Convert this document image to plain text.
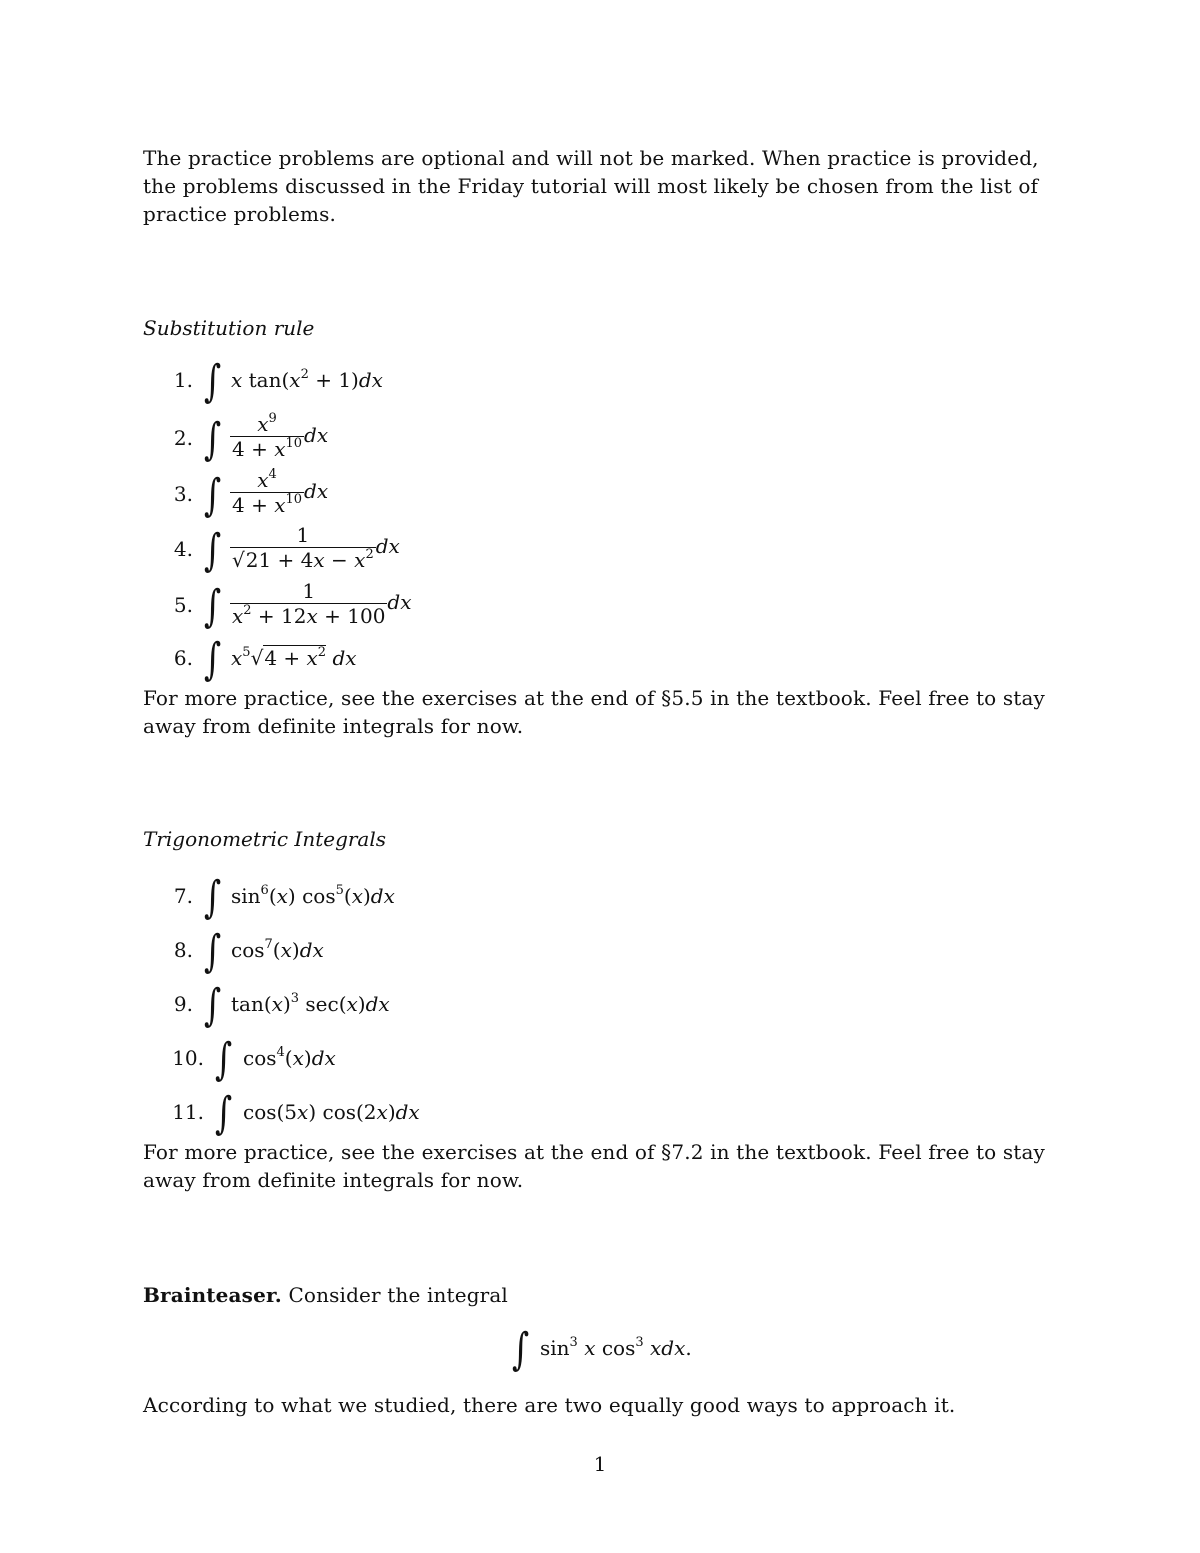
The practice problems are optional and will not be marked. When practice is provided, the problems discussed in the Friday tutorial will most likely be chosen from the list of practice problems.
Substitution rule
1. ∫ x $\tan(x^2 + 1)dx$
2. ∫ $\frac{x^9}{4 + x^{10}}$ dx
3. ∫ $\frac{x^4}{4 + x^{10}}$ dx
4. ∫ $\frac{1}{√21 + 4x - x^2}$ dx
5. ∫ $\frac{1}{x^2 + 12x + 100}$ dx
6. ∫ $x^5√4 + x^2$ dx
For more practice, see the exercises at the end of §5.5 in the textbook. Feel free to stay away from definite integrals for now.
Trigonometric Integrals
7. ∫ $\sin^6(x)$ $\cos^5(x)dx$
8. ∫ $\cos^7(x)dx$
9. ∫ $\tan(x)^3$ sec(x)dx
10. ∫ $\cos^4(x)dx$
11. ∫ cos(5x) cos(2x)dx
For more practice, see the exercises at the end of §7.2 in the textbook. Feel free to stay away from definite integrals for now.
Brainteaser. Consider the integral
∫ $\sin^3 x$ $\cos^3$ xdx.
According to what we studied, there are two equally good ways to approach it.
1
